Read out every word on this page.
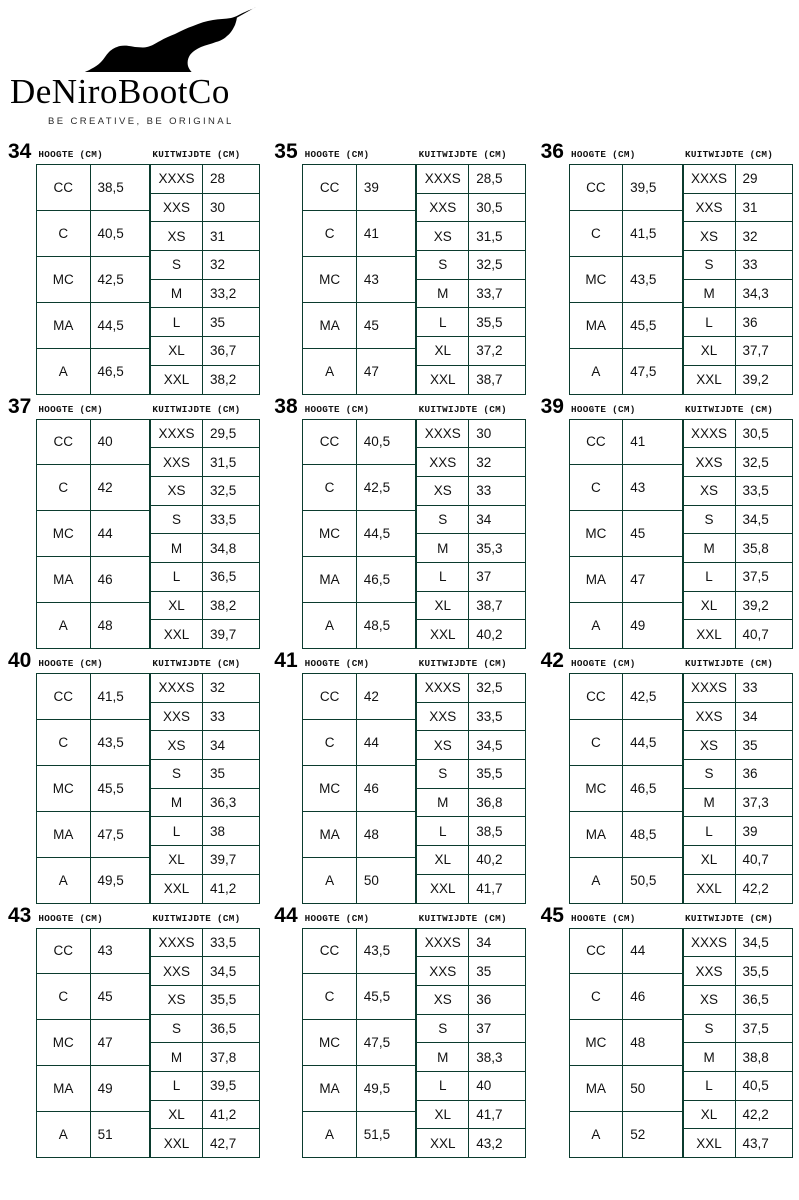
DeNiroBootCo
BE CREATIVE, BE ORIGINAL
34 HOOGTE (CM)	KUITWIJDTE (CM)
CC	38,5
C	40,5
MC	42,5
MA	44,5
A	46,5
XXXS	28
XXS	30
XS	31
S	32
M	33,2
L	35
XL	36,7
XXL	38,2
35 HOOGTE (CM)	KUITWIJDTE (CM)
CC	39
C	41
MC	43
MA	45
A	47
XXXS	28,5
XXS	30,5
XS	31,5
S	32,5
M	33,7
L	35,5
XL	37,2
XXL	38,7
36 HOOGTE (CM)	KUITWIJDTE (CM)
CC	39,5
C	41,5
MC	43,5
MA	45,5
A	47,5
XXXS	29
XXS	31
XS	32
S	33
M	34,3
L	36
XL	37,7
XXL	39,2
37 HOOGTE (CM)	KUITWIJDTE (CM)
CC	40
C	42
MC	44
MA	46
A	48
XXXS	29,5
XXS	31,5
XS	32,5
S	33,5
M	34,8
L	36,5
XL	38,2
XXL	39,7
38 HOOGTE (CM)	KUITWIJDTE (CM)
CC	40,5
C	42,5
MC	44,5
MA	46,5
A	48,5
XXXS	30
XXS	32
XS	33
S	34
M	35,3
L	37
XL	38,7
XXL	40,2
39 HOOGTE (CM)	KUITWIJDTE (CM)
CC	41
C	43
MC	45
MA	47
A	49
XXXS	30,5
XXS	32,5
XS	33,5
S	34,5
M	35,8
L	37,5
XL	39,2
XXL	40,7
40 HOOGTE (CM)	KUITWIJDTE (CM)
CC	41,5
C	43,5
MC	45,5
MA	47,5
A	49,5
XXXS	32
XXS	33
XS	34
S	35
M	36,3
L	38
XL	39,7
XXL	41,2
41 HOOGTE (CM)	KUITWIJDTE (CM)
CC	42
C	44
MC	46
MA	48
A	50
XXXS	32,5
XXS	33,5
XS	34,5
S	35,5
M	36,8
L	38,5
XL	40,2
XXL	41,7
42 HOOGTE (CM)	KUITWIJDTE (CM)
CC	42,5
C	44,5
MC	46,5
MA	48,5
A	50,5
XXXS	33
XXS	34
XS	35
S	36
M	37,3
L	39
XL	40,7
XXL	42,2
43 HOOGTE (CM)	KUITWIJDTE (CM)
CC	43
C	45
MC	47
MA	49
A	51
XXXS	33,5
XXS	34,5
XS	35,5
S	36,5
M	37,8
L	39,5
XL	41,2
XXL	42,7
44 HOOGTE (CM)	KUITWIJDTE (CM)
CC	43,5
C	45,5
MC	47,5
MA	49,5
A	51,5
XXXS	34
XXS	35
XS	36
S	37
M	38,3
L	40
XL	41,7
XXL	43,2
45 HOOGTE (CM)	KUITWIJDTE (CM)
CC	44
C	46
MC	48
MA	50
A	52
XXXS	34,5
XXS	35,5
XS	36,5
S	37,5
M	38,8
L	40,5
XL	42,2
XXL	43,7
